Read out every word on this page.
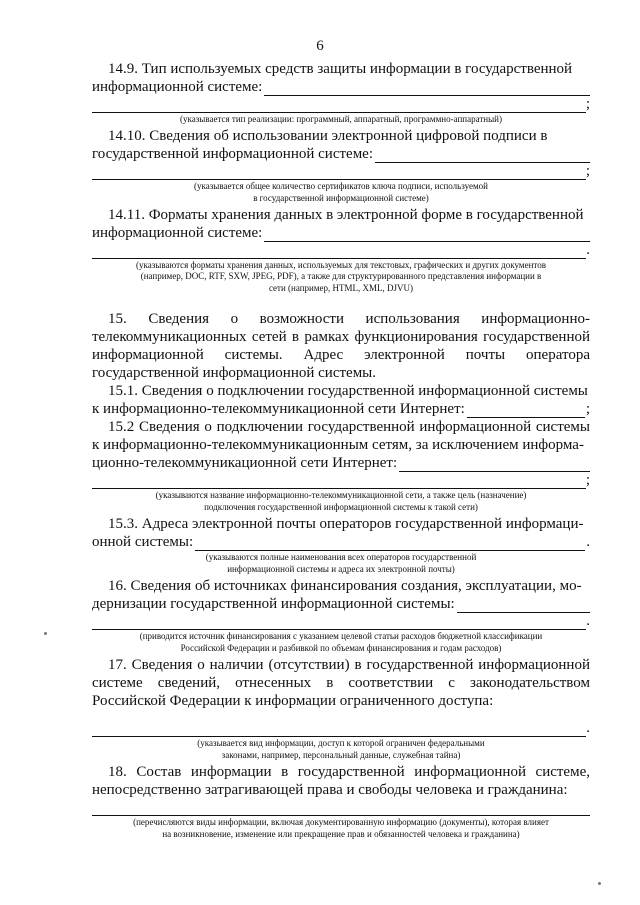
6
14.9. Тип используемых средств защиты информации в государственной
информационной системе:
;
(указывается тип реализации: программный, аппаратный, программно-аппаратный)
14.10. Сведения об использовании электронной цифровой подписи в
государственной информационной системе:
;
(указывается общее количество сертификатов ключа подписи, используемой
в государственной информационной системе)
14.11. Форматы хранения данных в электронной форме в государственной
информационной системе:
.
(указываются форматы хранения данных, используемых для текстовых, графических и других документов
(например, DOC, RTF, SXW, JPEG, PDF), а также для структурированного представления информации в
сети (например, HTML, XML, DJVU)
15. Сведения о возможности использования информационно-телекоммуникационных сетей в рамках функционирования государственной информационной системы. Адрес электронной почты оператора государственной информационной системы.
15.1. Сведения о подключении государственной информационной системы
к информационно-телекоммуникационной сети Интернет:	;
15.2 Сведения о подключении государственной информационной системы к информационно-телекоммуникационным сетям, за исключением информа-
ционно-телекоммуникационной сети Интернет:
;
(указываются название информационно-телекоммуникационной сети, а также цель (назначение)
подключения государственной информационной системы к такой сети)
15.3. Адреса электронной почты операторов государственной информаци-
онной системы:	.
(указываются полные наименования всех операторов государственной
информационной системы и адреса их электронной почты)
16. Сведения об источниках финансирования создания, эксплуатации, мо-
дернизации государственной информационной системы:
.
(приводится источник финансирования с указанием целевой статьи расходов бюджетной классификации
Российской Федерации и разбивкой по объемам финансирования и годам расходов)
17. Сведения о наличии (отсутствии) в государственной информационной системе сведений, отнесенных в соответствии с законодательством Российской Федерации к информации ограниченного доступа:
.
(указывается вид информации, доступ к которой ограничен федеральными
законами, например, персональный данные, служебная тайна)
18. Состав информации в государственной информационной системе, непосредственно затрагивающей права и свободы человека и гражданина:
(перечисляются виды информации, включая документированную информацию (документы), которая влияет
на возникновение, изменение или прекращение прав и обязанностей человека и гражданина)
